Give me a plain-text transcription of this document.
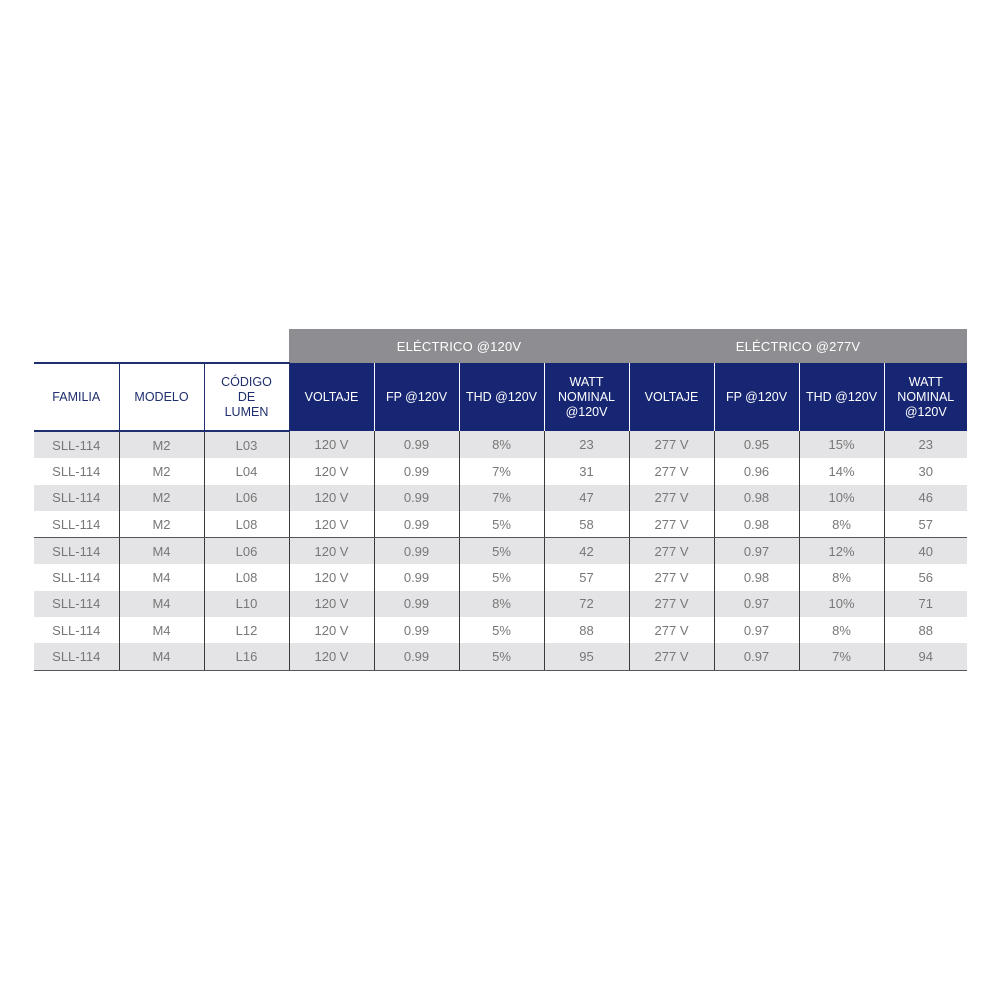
			ELÉCTRICO @120V				ELÉCTRICO @277V			
FAMILIA	MODELO	CÓDIGO DE LUMEN	VOLTAJE	FP @120V	THD @120V	WATT NOMINAL @120V	VOLTAJE	FP @120V	THD @120V	WATT NOMINAL @120V
SLL-114	M2	L03	120 V	0.99	8%	23	277 V	0.95	15%	23
SLL-114	M2	L04	120 V	0.99	7%	31	277 V	0.96	14%	30
SLL-114	M2	L06	120 V	0.99	7%	47	277 V	0.98	10%	46
SLL-114	M2	L08	120 V	0.99	5%	58	277 V	0.98	8%	57
SLL-114	M4	L06	120 V	0.99	5%	42	277 V	0.97	12%	40
SLL-114	M4	L08	120 V	0.99	5%	57	277 V	0.98	8%	56
SLL-114	M4	L10	120 V	0.99	8%	72	277 V	0.97	10%	71
SLL-114	M4	L12	120 V	0.99	5%	88	277 V	0.97	8%	88
SLL-114	M4	L16	120 V	0.99	5%	95	277 V	0.97	7%	94
